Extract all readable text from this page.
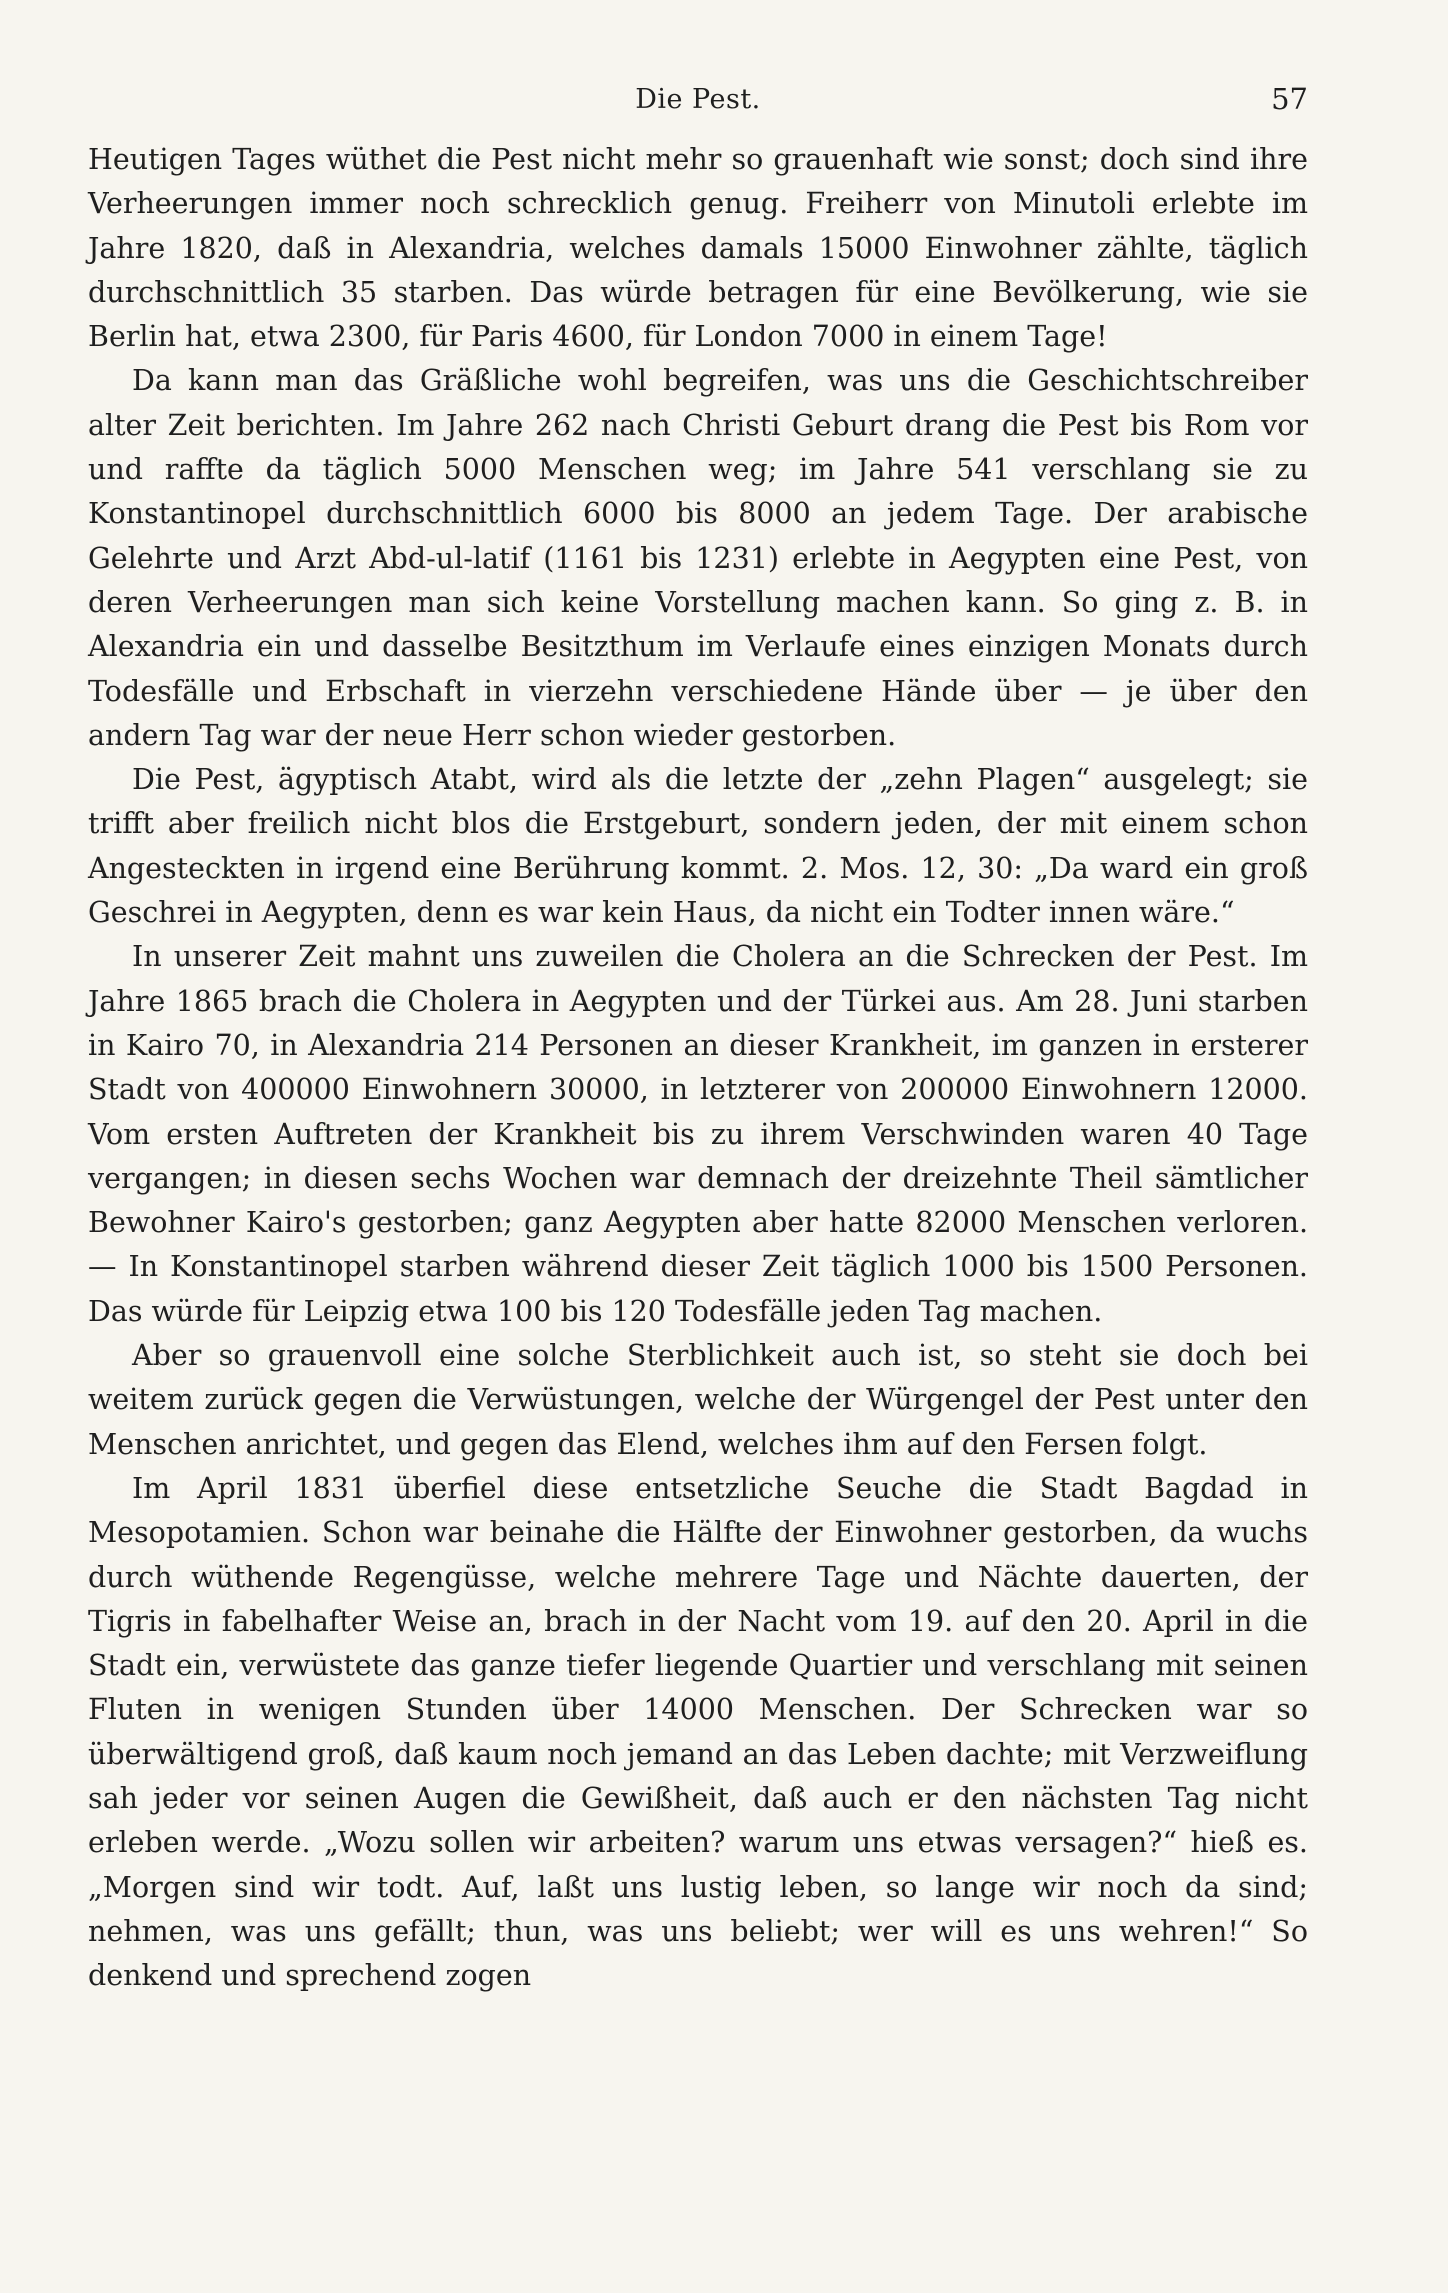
Die Pest.	57

Heutigen Tages wüthet die Pest nicht mehr so grauenhaft wie sonst; doch sind ihre Verheerungen immer noch schrecklich genug. Freiherr von Minutoli erlebte im Jahre 1820, daß in Alexandria, welches damals 15000 Einwohner zählte, täglich durchschnittlich 35 starben. Das würde betragen für eine Bevölkerung, wie sie Berlin hat, etwa 2300, für Paris 4600, für London 7000 in einem Tage!

Da kann man das Gräßliche wohl begreifen, was uns die Geschichtschreiber alter Zeit berichten. Im Jahre 262 nach Christi Geburt drang die Pest bis Rom vor und raffte da täglich 5000 Menschen weg; im Jahre 541 verschlang sie zu Konstantinopel durchschnittlich 6000 bis 8000 an jedem Tage. Der arabische Gelehrte und Arzt Abd-ul-latif (1161 bis 1231) erlebte in Aegypten eine Pest, von deren Verheerungen man sich keine Vorstellung machen kann. So ging z. B. in Alexandria ein und dasselbe Besitzthum im Verlaufe eines einzigen Monats durch Todesfälle und Erbschaft in vierzehn verschiedene Hände über — je über den andern Tag war der neue Herr schon wieder gestorben.

Die Pest, ägyptisch Atabt, wird als die letzte der „zehn Plagen“ ausgelegt; sie trifft aber freilich nicht blos die Erstgeburt, sondern jeden, der mit einem schon Angesteckten in irgend eine Berührung kommt. 2. Mos. 12, 30: „Da ward ein groß Geschrei in Aegypten, denn es war kein Haus, da nicht ein Todter innen wäre.“

In unserer Zeit mahnt uns zuweilen die Cholera an die Schrecken der Pest. Im Jahre 1865 brach die Cholera in Aegypten und der Türkei aus. Am 28. Juni starben in Kairo 70, in Alexandria 214 Personen an dieser Krankheit, im ganzen in ersterer Stadt von 400000 Einwohnern 30000, in letzterer von 200000 Einwohnern 12000. Vom ersten Auftreten der Krankheit bis zu ihrem Verschwinden waren 40 Tage vergangen; in diesen sechs Wochen war demnach der dreizehnte Theil sämtlicher Bewohner Kairo's gestorben; ganz Aegypten aber hatte 82000 Menschen verloren. — In Konstantinopel starben während dieser Zeit täglich 1000 bis 1500 Personen. Das würde für Leipzig etwa 100 bis 120 Todesfälle jeden Tag machen.

Aber so grauenvoll eine solche Sterblichkeit auch ist, so steht sie doch bei weitem zurück gegen die Verwüstungen, welche der Würgengel der Pest unter den Menschen anrichtet, und gegen das Elend, welches ihm auf den Fersen folgt.

Im April 1831 überfiel diese entsetzliche Seuche die Stadt Bagdad in Mesopotamien. Schon war beinahe die Hälfte der Einwohner gestorben, da wuchs durch wüthende Regengüsse, welche mehrere Tage und Nächte dauerten, der Tigris in fabelhafter Weise an, brach in der Nacht vom 19. auf den 20. April in die Stadt ein, verwüstete das ganze tiefer liegende Quartier und verschlang mit seinen Fluten in wenigen Stunden über 14000 Menschen. Der Schrecken war so überwältigend groß, daß kaum noch jemand an das Leben dachte; mit Verzweiflung sah jeder vor seinen Augen die Gewißheit, daß auch er den nächsten Tag nicht erleben werde. „Wozu sollen wir arbeiten? warum uns etwas versagen?“ hieß es. „Morgen sind wir todt. Auf, laßt uns lustig leben, so lange wir noch da sind; nehmen, was uns gefällt; thun, was uns beliebt; wer will es uns wehren!“ So denkend und sprechend zogen
